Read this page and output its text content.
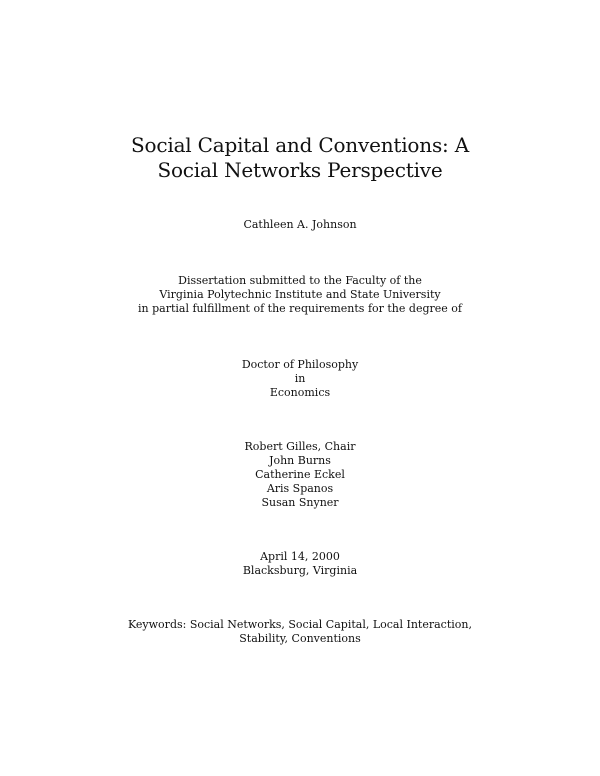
Social Capital and Conventions: A
Social Networks Perspective
Cathleen A. Johnson
Dissertation submitted to the Faculty of the
Virginia Polytechnic Institute and State University
in partial fulfillment of the requirements for the degree of
Doctor of Philosophy
in
Economics
Robert Gilles, Chair
John Burns
Catherine Eckel
Aris Spanos
Susan Snyner
April 14, 2000
Blacksburg, Virginia
Keywords: Social Networks, Social Capital, Local Interaction,
Stability, Conventions
